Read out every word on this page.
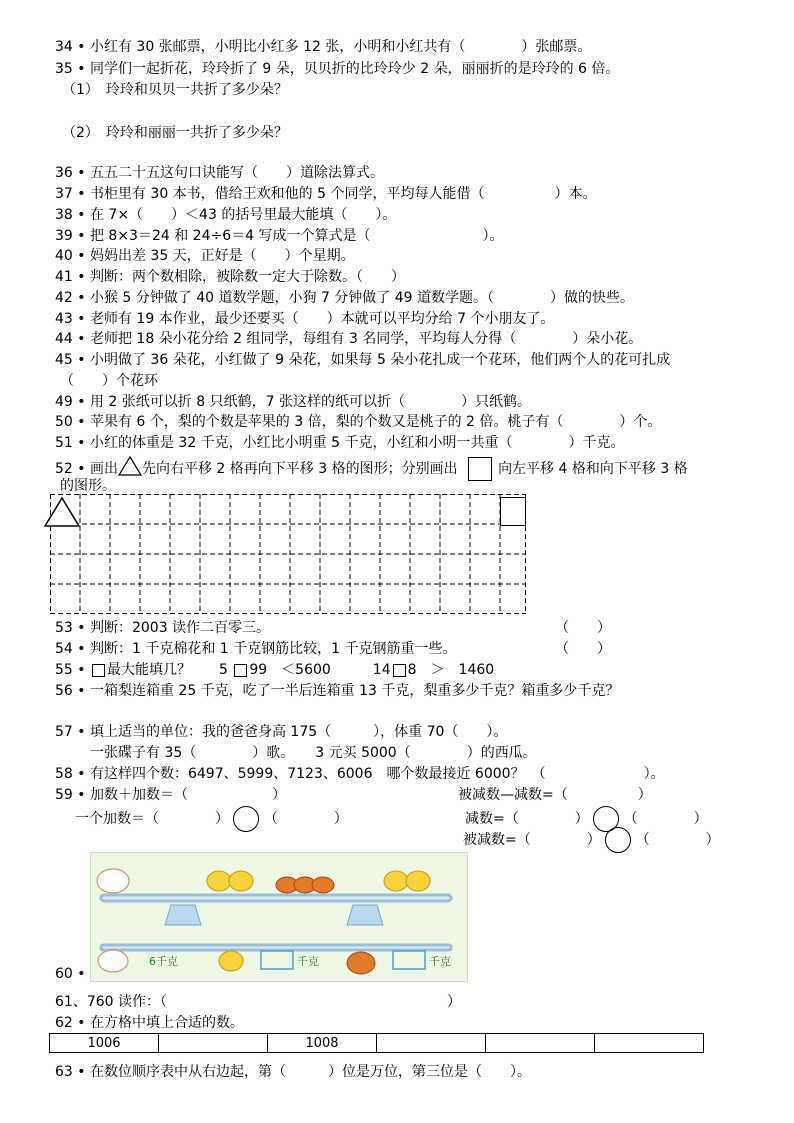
34 • 小红有 30 张邮票，小明比小红多 12 张，小明和小红共有（　　　　）张邮票。
35 • 同学们一起折花，玲玲折了 9 朵，贝贝折的比玲玲少 2 朵，丽丽折的是玲玲的 6 倍。
（1）　玲玲和贝贝一共折了多少朵？
（2）　玲玲和丽丽一共折了多少朵？
36 • 五五二十五这句口诀能写（　　）道除法算式。
37 • 书柜里有 30 本书，借给王欢和他的 5 个同学，平均每人能借（　　　　　）本。
38 • 在 7×（　　）＜43 的括号里最大能填（　　）。
39 • 把 8×3＝24 和 24÷6＝4 写成一个算式是（　　　　　　　　）。
40 • 妈妈出差 35 天，正好是（　　）个星期。
41 • 判断：两个数相除，被除数一定大于除数。（　　）
42 • 小猴 5 分钟做了 40 道数学题，小狗 7 分钟做了 49 道数学题。（　　　　）做的快些。
43 • 老师有 19 本作业，最少还要买（　　）本就可以平均分给 7 个小朋友了。
44 • 老师把 18 朵小花分给 2 组同学，每组有 3 名同学，平均每人分得（　　　　）朵小花。
45 • 小明做了 36 朵花，小红做了 9 朵花，如果每 5 朵小花扎成一个花环，他们两个人的花可扎成
（　　）个花环
49 • 用 2 张纸可以折 8 只纸鹤，7 张这样的纸可以折（　　　　）只纸鹤。
50 • 苹果有 6 个，梨的个数是苹果的 3 倍，梨的个数又是桃子的 2 倍。桃子有（　　　　）个。
51 • 小红的体重是 32 千克，小红比小明重 5 千克，小红和小明一共重（　　　　）千克。
52 • 画出 先向右平移 2 格再向下平移 3 格的图形；分别画出	向左平移 4 格和向下平移 3 格
的图形。
53 • 判断：2003 读作二百零三。	（　　）
54 • 判断：1 千克棉花和 1 千克钢筋比较，1 千克钢筋重一些。	（　　）
55 • 最大能填几？　　5 99　＜5600　　　14 8　＞　1460
56 • 一箱梨连箱重 25 千克，吃了一半后连箱重 13 千克，梨重多少千克？箱重多少千克？
57 • 填上适当的单位：我的爸爸身高 175（　　　），体重 70（　　）。
一张碟子有 35（　　　　）歌。　　3 元买 5000（　　　　）的西瓜。
58 • 有这样四个数：6497、5999、7123、6006　哪个数最接近 6000？　（　　　　　　　）。
59 • 加数＋加数＝（　　　　　　）
一个加数＝（　　　　） （　　　　）
被减数—减数=（　　　　　）
减数=（　　　　） （　　　　）
被减数=（　　　　） （　　　　）
60 •
6千克	千克	千克
61、760 读作：（　　　　　　　　　　　　　　　　　　　　）
62 • 在方格中填上合适的数。
1006		1008			
63 • 在数位顺序表中从右边起，第（　　　）位是万位，第三位是（　　）。
